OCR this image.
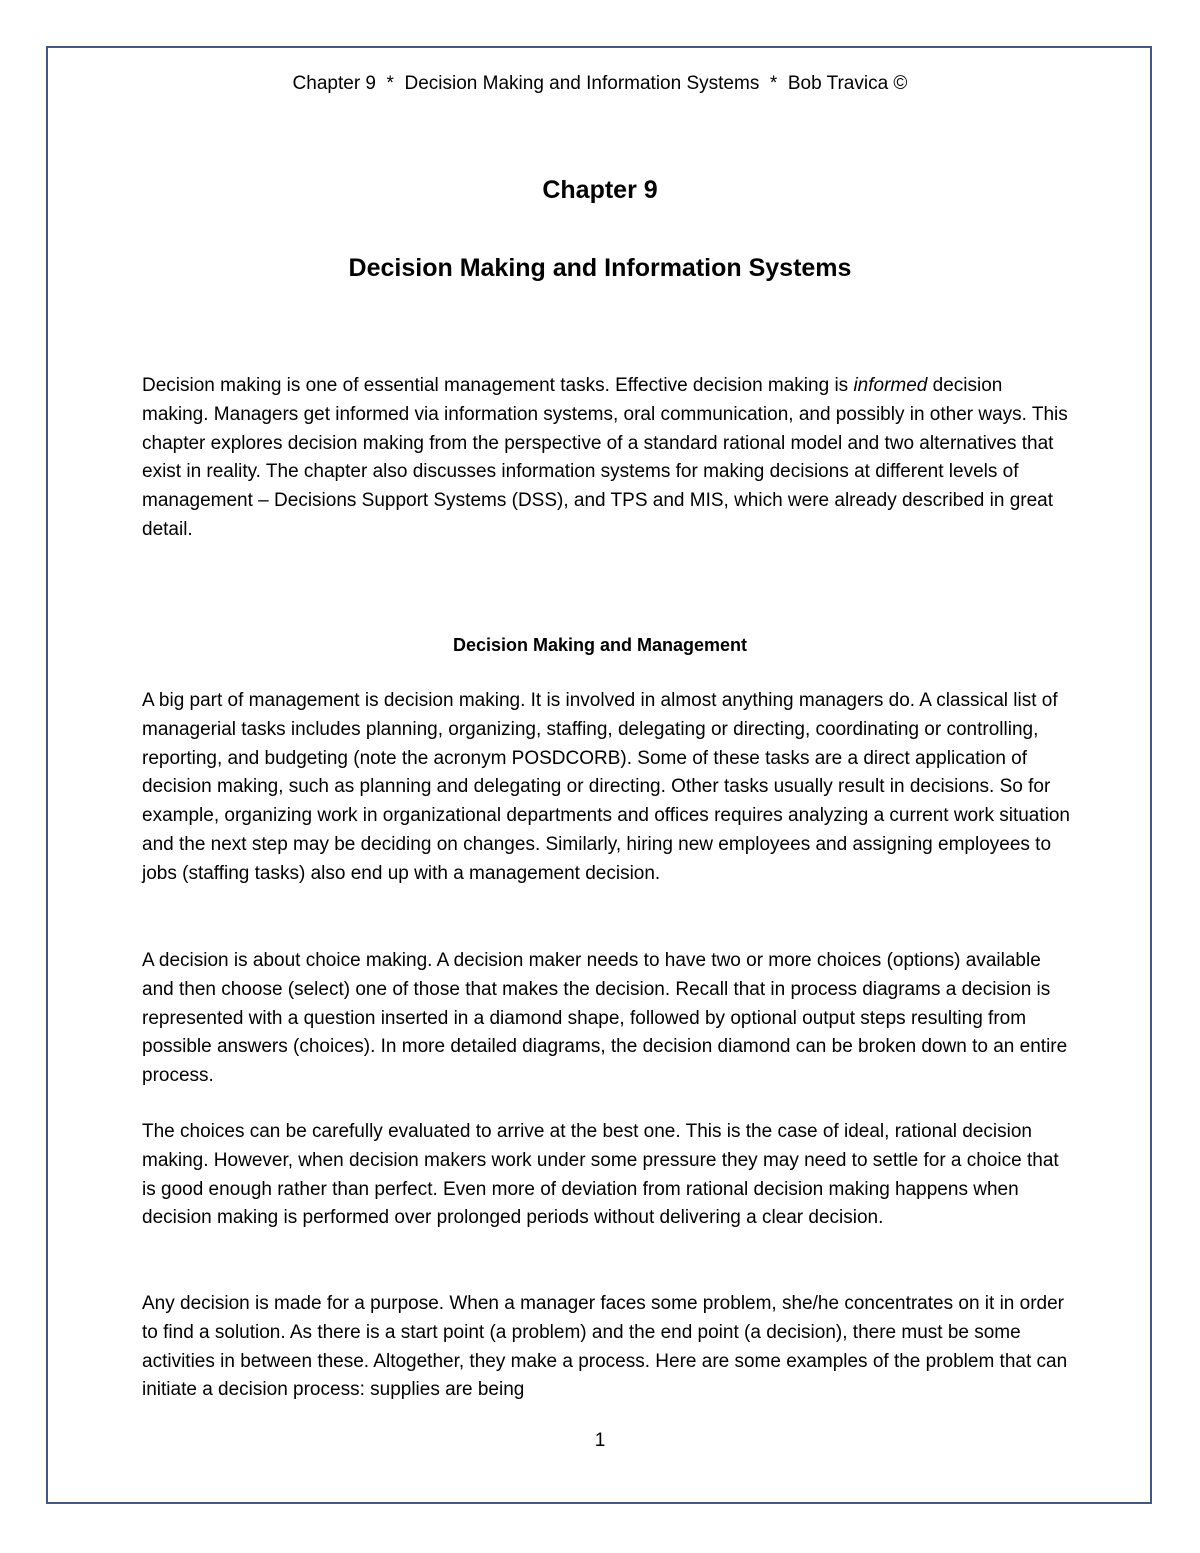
Chapter 9  *  Decision Making and Information Systems  *  Bob Travica ©
Chapter 9
Decision Making and Information Systems

Decision making is one of essential management tasks. Effective decision making is informed decision making. Managers get informed via information systems, oral communication, and possibly in other ways. This chapter explores decision making from the perspective of a standard rational model and two alternatives that exist in reality. The chapter also discusses information systems for making decisions at different levels of management – Decisions Support Systems (DSS), and TPS and MIS, which were already described in great detail.

Decision Making and Management

A big part of management is decision making. It is involved in almost anything managers do. A classical list of managerial tasks includes planning, organizing, staffing, delegating or directing, coordinating or controlling, reporting, and budgeting (note the acronym POSDCORB). Some of these tasks are a direct application of decision making, such as planning and delegating or directing. Other tasks usually result in decisions. So for example, organizing work in organizational departments and offices requires analyzing a current work situation and the next step may be deciding on changes. Similarly, hiring new employees and assigning employees to jobs (staffing tasks) also end up with a management decision.

A decision is about choice making. A decision maker needs to have two or more choices (options) available and then choose (select) one of those that makes the decision. Recall that in process diagrams a decision is represented with a question inserted in a diamond shape, followed by optional output steps resulting from possible answers (choices). In more detailed diagrams, the decision diamond can be broken down to an entire process.

The choices can be carefully evaluated to arrive at the best one. This is the case of ideal, rational decision making. However, when decision makers work under some pressure they may need to settle for a choice that is good enough rather than perfect. Even more of deviation from rational decision making happens when decision making is performed over prolonged periods without delivering a clear decision.

Any decision is made for a purpose. When a manager faces some problem, she/he concentrates on it in order to find a solution. As there is a start point (a problem) and the end point (a decision), there must be some activities in between these. Altogether, they make a process. Here are some examples of the problem that can initiate a decision process: supplies are being

1
